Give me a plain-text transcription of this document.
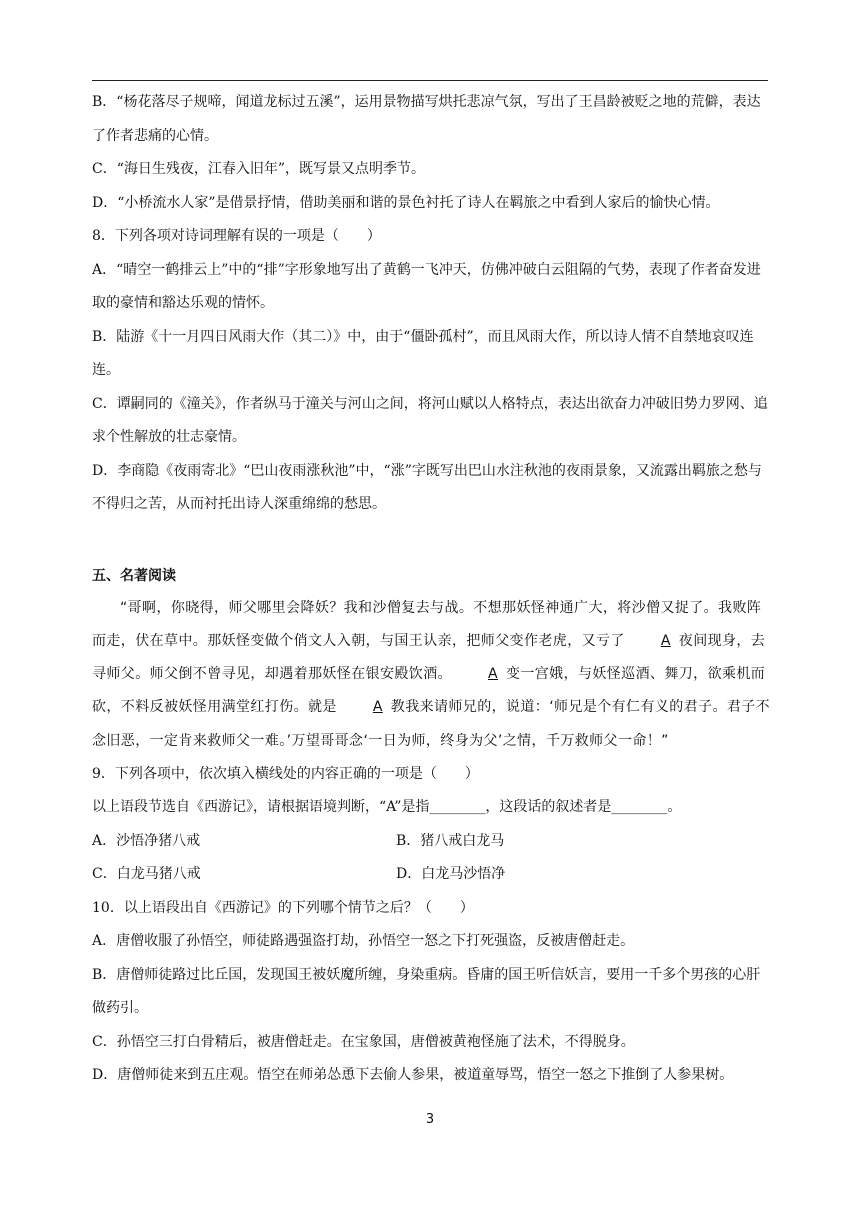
B．“杨花落尽子规啼，闻道龙标过五溪”，运用景物描写烘托悲凉气氛，写出了王昌龄被贬之地的荒僻，表达了作者悲痛的心情。

C．“海日生残夜，江春入旧年”，既写景又点明季节。

D．“小桥流水人家”是借景抒情，借助美丽和谐的景色衬托了诗人在羁旅之中看到人家后的愉快心情。

8．下列各项对诗词理解有误的一项是（　　）

A．“晴空一鹤排云上”中的“排”字形象地写出了黄鹤一飞冲天，仿佛冲破白云阻隔的气势，表现了作者奋发进取的豪情和豁达乐观的情怀。

B．陆游《十一月四日风雨大作（其二）》中，由于“僵卧孤村”，而且风雨大作，所以诗人情不自禁地哀叹连连。

C．谭嗣同的《潼关》，作者纵马于潼关与河山之间，将河山赋以人格特点，表达出欲奋力冲破旧势力罗网、追求个性解放的壮志豪情。

D．李商隐《夜雨寄北》“巴山夜雨涨秋池”中，“涨”字既写出巴山水注秋池的夜雨景象，又流露出羁旅之愁与不得归之苦，从而衬托出诗人深重绵绵的愁思。

五、名著阅读

“哥啊，你晓得，师父哪里会降妖？我和沙僧复去与战。不想那妖怪神通广大，将沙僧又捉了。我败阵而走，伏在草中。那妖怪变做个俏文人入朝，与国王认亲，把师父变作老虎，又亏了	A 夜间现身，去寻师父。师父倒不曾寻见，却遇着那妖怪在银安殿饮酒。	A 变一宫娥，与妖怪巡酒、舞刀，欲乘机而砍，不料反被妖怪用满堂红打伤。就是	A 教我来请师兄的，说道：‘师兄是个有仁有义的君子。君子不念旧恶，一定肯来救师父一难。’万望哥哥念‘一日为师，终身为父’之情，千万救师父一命！”

9．下列各项中，依次填入横线处的内容正确的一项是（　　）

以上语段节选自《西游记》，请根据语境判断，“A”是指________，这段话的叙述者是________。

A．沙悟净猪八戒	B．猪八戒白龙马
C．白龙马猪八戒	D．白龙马沙悟净

10．以上语段出自《西游记》的下列哪个情节之后？（　　）

A．唐僧收服了孙悟空，师徒路遇强盗打劫，孙悟空一怒之下打死强盗，反被唐僧赶走。

B．唐僧师徒路过比丘国，发现国王被妖魔所缠，身染重病。昏庸的国王听信妖言，要用一千多个男孩的心肝做药引。

C．孙悟空三打白骨精后，被唐僧赶走。在宝象国，唐僧被黄袍怪施了法术，不得脱身。

D．唐僧师徒来到五庄观。悟空在师弟怂恿下去偷人参果，被道童辱骂，悟空一怒之下推倒了人参果树。

3
